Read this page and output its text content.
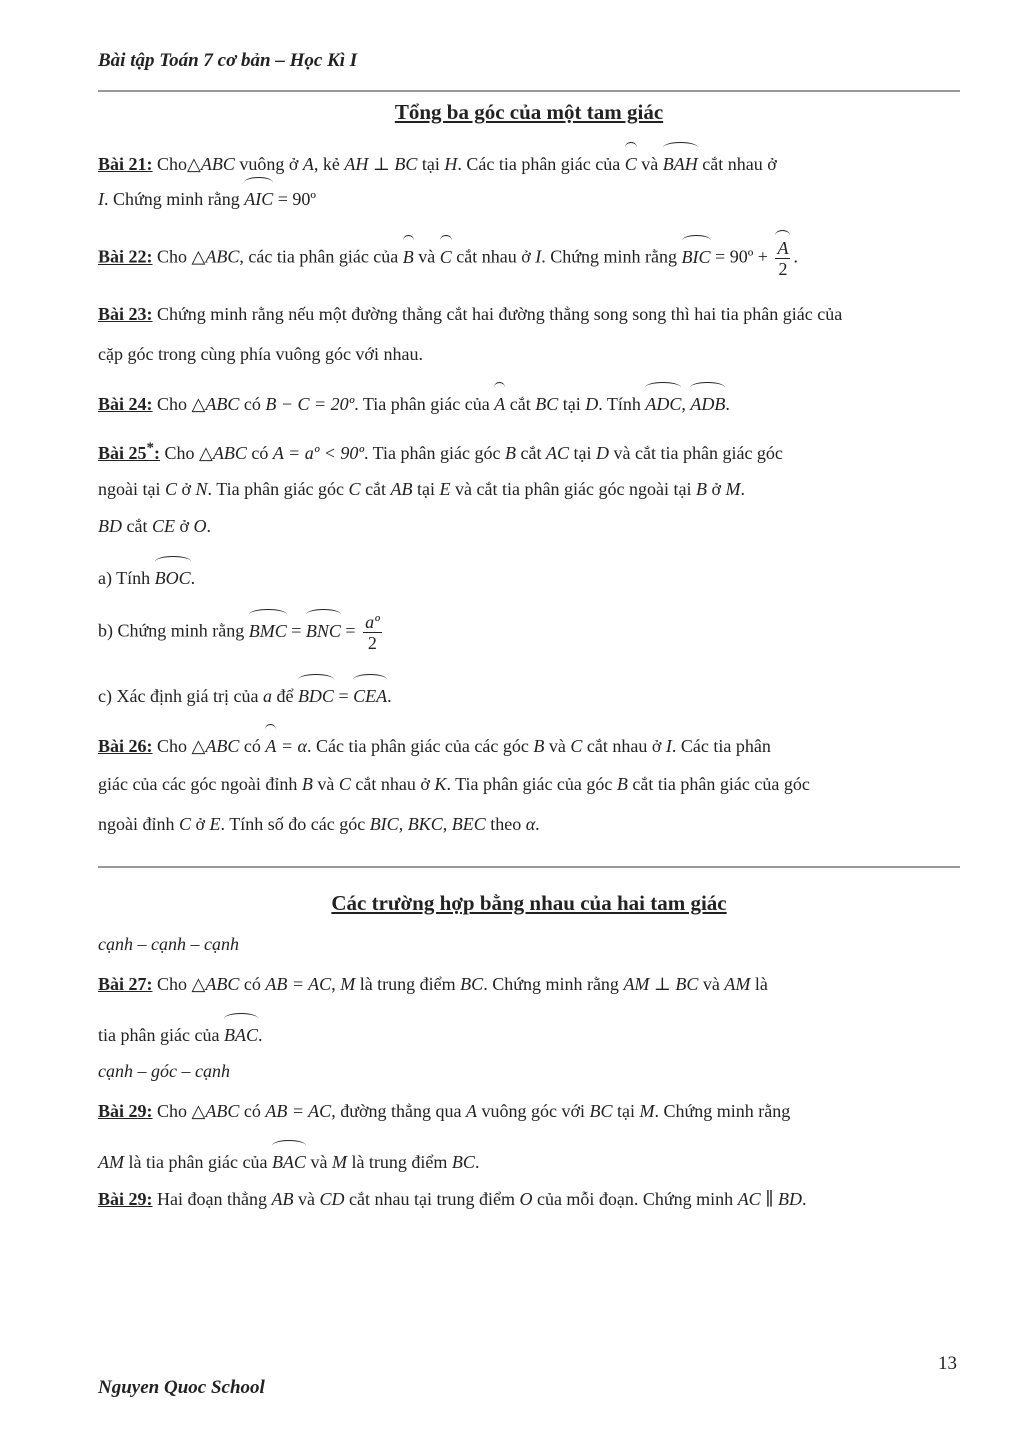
Bài tập Toán 7 cơ bản – Học Kì I
Tổng ba góc của một tam giác
Bài 21: Cho△ABC vuông ở A, kẻ AH ⊥ BC tại H. Các tia phân giác của C và BAH cắt nhau ở
I. Chứng minh rằng AIC = 90º
Bài 22: Cho △ABC, các tia phân giác của B và C cắt nhau ở I. Chứng minh rằng BIC = 90º + $\frac{A}{2}$ .
Bài 23: Chứng minh rằng nếu một đường thẳng cắt hai đường thẳng song song thì hai tia phân giác của
cặp góc trong cùng phía vuông góc với nhau.
Bài 24: Cho △ABC có B − C = 20º. Tia phân giác của A cắt BC tại D. Tính ADC, ADB.
Bài 25*: Cho △ABC có A = aº < 90º. Tia phân giác góc B cắt AC tại D và cắt tia phân giác góc
ngoài tại C ở N. Tia phân giác góc C cắt AB tại E và cắt tia phân giác góc ngoài tại B ở M.
BD cắt CE ở O.
a) Tính BOC.
b) Chứng minh rằng BMC = BNC = $\frac{\text{aº}}{2}$
c) Xác định giá trị của a để BDC = CEA.
Bài 26: Cho △ABC có A = α. Các tia phân giác của các góc B và C cắt nhau ở I. Các tia phân
giác của các góc ngoài đỉnh B và C cắt nhau ở K. Tia phân giác của góc B cắt tia phân giác của góc
ngoài đỉnh C ở E. Tính số đo các góc BIC, BKC, BEC theo α.
Các trường hợp bằng nhau của hai tam giác
cạnh – cạnh – cạnh
Bài 27: Cho △ABC có AB = AC, M là trung điểm BC. Chứng minh rằng AM ⊥ BC và AM là
tia phân giác của BAC.
cạnh – góc – cạnh
Bài 29: Cho △ABC có AB = AC, đường thẳng qua A vuông góc với BC tại M. Chứng minh rằng
AM là tia phân giác của BAC và M là trung điểm BC.
Bài 29: Hai đoạn thẳng AB và CD cắt nhau tại trung điểm O của mỗi đoạn. Chứng minh AC ∥ BD.
13
Nguyen Quoc School
